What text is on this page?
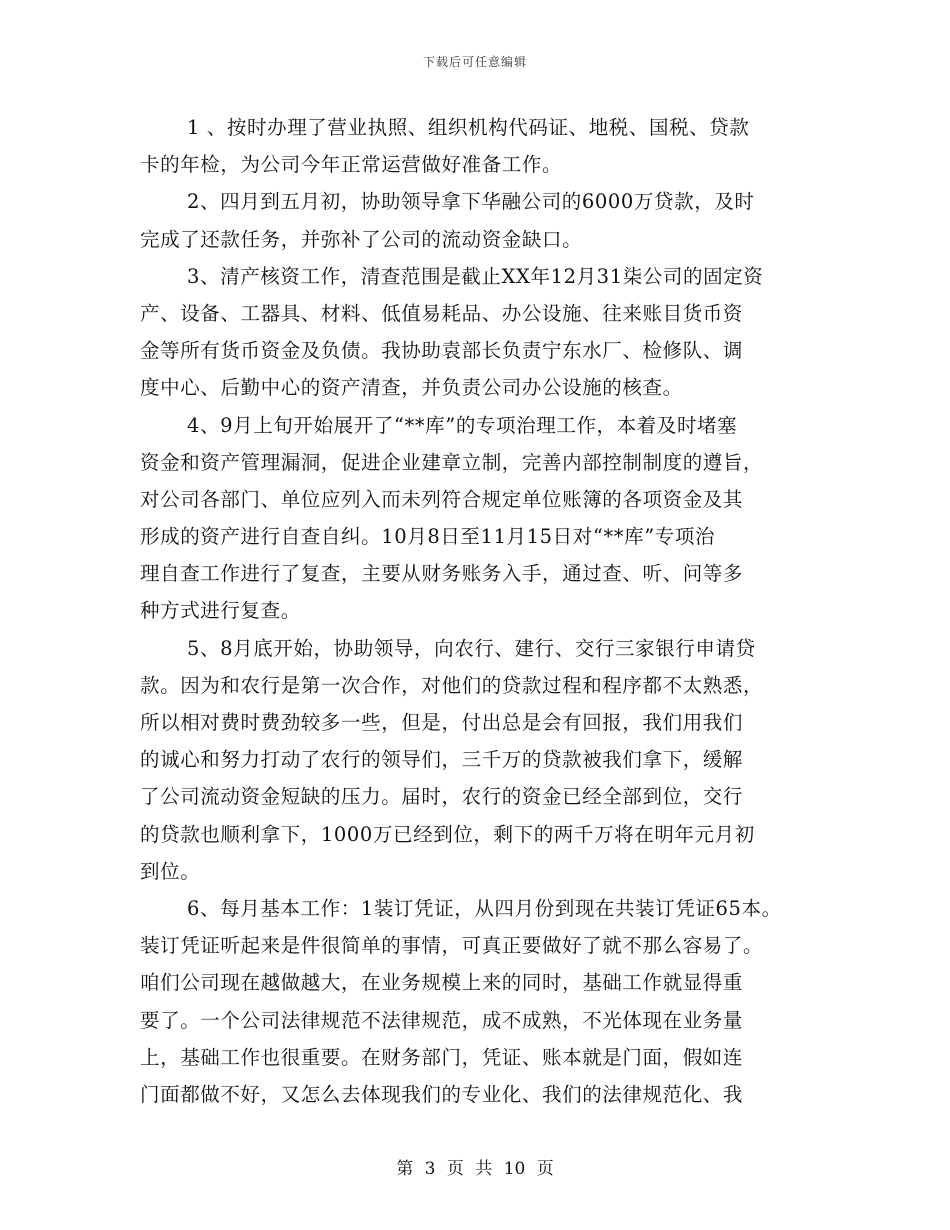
下载后可任意编辑
1 、按时办理了营业执照、组织机构代码证、地税、国税、贷款
卡的年检，为公司今年正常运营做好准备工作。
2、四月到五月初，协助领导拿下华融公司的6000万贷款，及时
完成了还款任务，并弥补了公司的流动资金缺口。
3、清产核资工作，清查范围是截止XX年12月31柒公司的固定资
产、设备、工器具、材料、低值易耗品、办公设施、往来账目货币资
金等所有货币资金及负债。我协助袁部长负责宁东水厂、检修队、调
度中心、后勤中心的资产清查，并负责公司办公设施的核查。
4、9月上旬开始展开了“**库”的专项治理工作，本着及时堵塞
资金和资产管理漏洞，促进企业建章立制，完善内部控制制度的遵旨，
对公司各部门、单位应列入而未列符合规定单位账簿的各项资金及其
形成的资产进行自查自纠。10月8日至11月15日对“**库”专项治
理自查工作进行了复查，主要从财务账务入手，通过查、听、问等多
种方式进行复查。
5、8月底开始，协助领导，向农行、建行、交行三家银行申请贷
款。因为和农行是第一次合作，对他们的贷款过程和程序都不太熟悉，
所以相对费时费劲较多一些，但是，付出总是会有回报，我们用我们
的诚心和努力打动了农行的领导们，三千万的贷款被我们拿下，缓解
了公司流动资金短缺的压力。届时，农行的资金已经全部到位，交行
的贷款也顺利拿下，1000万已经到位，剩下的两千万将在明年元月初
到位。
6、每月基本工作：1装订凭证，从四月份到现在共装订凭证65本。
装订凭证听起来是件很简单的事情，可真正要做好了就不那么容易了。
咱们公司现在越做越大，在业务规模上来的同时，基础工作就显得重
要了。一个公司法律规范不法律规范，成不成熟，不光体现在业务量
上，基础工作也很重要。在财务部门，凭证、账本就是门面，假如连
门面都做不好，又怎么去体现我们的专业化、我们的法律规范化、我
第 3 页 共 10 页
